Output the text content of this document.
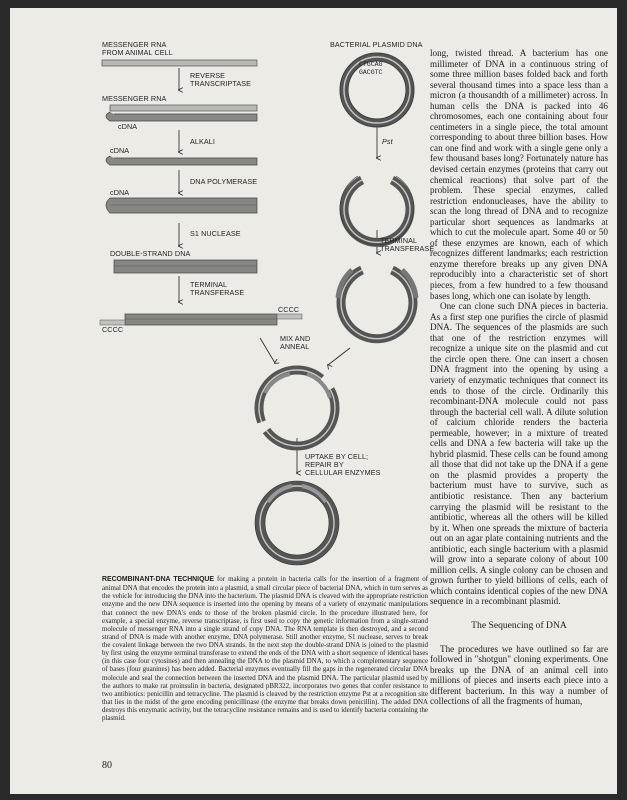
CTGCAG
GACGTC
MESSENGER RNA
FROM ANIMAL CELL
REVERSE
TRANSCRIPTASE
MESSENGER RNA
cDNA
ALKALI
cDNA
DNA POLYMERASE
cDNA
S1 NUCLEASE
DOUBLE-STRAND DNA
TERMINAL
TRANSFERASE
CCCC
CCCC
BACTERIAL PLASMID DNA
Pst
TERMINAL
TRANSFERASE
MIX AND
ANNEAL
UPTAKE BY CELL;
REPAIR BY
CELLULAR ENZYMES

long, twisted thread. A bacterium has one millimeter of DNA in a continuous string of some three million bases folded back and forth several thousand times into a space less than a micron (a thousandth of a millimeter) across. In human cells the DNA is packed into 46 chromosomes, each one containing about four centimeters in a single piece, the total amount corresponding to about three billion bases. How can one find and work with a single gene only a few thousand bases long? Fortunately nature has devised certain enzymes (proteins that carry out chemical reactions) that solve part of the problem. These special enzymes, called restriction endonucleases, have the ability to scan the long thread of DNA and to recognize particular short sequences as landmarks at which to cut the molecule apart. Some 40 or 50 of these enzymes are known, each of which recognizes different landmarks; each restriction enzyme therefore breaks up any given DNA reproducibly into a characteristic set of short pieces, from a few hundred to a few thousand bases long, which one can isolate by length.

One can clone such DNA pieces in bacteria. As a first step one purifies the circle of plasmid DNA. The sequences of the plasmids are such that one of the restriction enzymes will recognize a unique site on the plasmid and cut the circle open there. One can insert a chosen DNA fragment into the opening by using a variety of enzymatic techniques that connect its ends to those of the circle. Ordinarily this recombinant-DNA molecule could not pass through the bacterial cell wall. A dilute solution of calcium chloride renders the bacteria permeable, however; in a mixture of treated cells and DNA a few bacteria will take up the hybrid plasmid. These cells can be found among all those that did not take up the DNA if a gene on the plasmid provides a property the bacterium must have to survive, such as antibiotic resistance. Then any bacterium carrying the plasmid will be resistant to the antibiotic, whereas all the others will be killed by it. When one spreads the mixture of bacteria out on an agar plate containing nutrients and the antibiotic, each single bacterium with a plasmid will grow into a separate colony of about 100 million cells. A single colony can be chosen and grown further to yield billions of cells, each of which contains identical copies of the new DNA sequence in a recombinant plasmid.

The Sequencing of DNA

The procedures we have outlined so far are followed in "shotgun" cloning experiments. One breaks up the DNA of an animal cell into millions of pieces and inserts each piece into a different bacterium. In this way a number of collections of all the fragments of human,

RECOMBINANT-DNA TECHNIQUE for making a protein in bacteria calls for the insertion of a fragment of animal DNA that encodes the protein into a plasmid, a small circular piece of bacterial DNA, which in turn serves as the vehicle for introducing the DNA into the bacterium. The plasmid DNA is cleaved with the appropriate restriction enzyme and the new DNA sequence is inserted into the opening by means of a variety of enzymatic manipulations that connect the new DNA's ends to those of the broken plasmid circle. In the procedure illustrated here, for example, a special enzyme, reverse transcriptase, is first used to copy the genetic information from a single-strand molecule of messenger RNA into a single strand of copy DNA. The RNA template is then destroyed, and a second strand of DNA is made with another enzyme, DNA polymerase. Still another enzyme, S1 nuclease, serves to break the covalent linkage between the two DNA strands. In the next step the double-strand DNA is joined to the plasmid by first using the enzyme terminal transferase to extend the ends of the DNA with a short sequence of identical bases (in this case four cytosines) and then annealing the DNA to the plasmid DNA, to which a complementary sequence of bases (four guanines) has been added. Bacterial enzymes eventually fill the gaps in the regenerated circular DNA molecule and seal the connection between the inserted DNA and the plasmid DNA. The particular plasmid used by the authors to make rat proinsulin in bacteria, designated pBR322, incorporates two genes that confer resistance to two antibiotics: penicillin and tetracycline. The plasmid is cleaved by the restriction enzyme Pst at a recognition site that lies in the midst of the gene encoding penicillinase (the enzyme that breaks down penicillin). The added DNA destroys this enzymatic activity, but the tetracycline resistance remains and is used to identify bacteria containing the plasmid.
80
